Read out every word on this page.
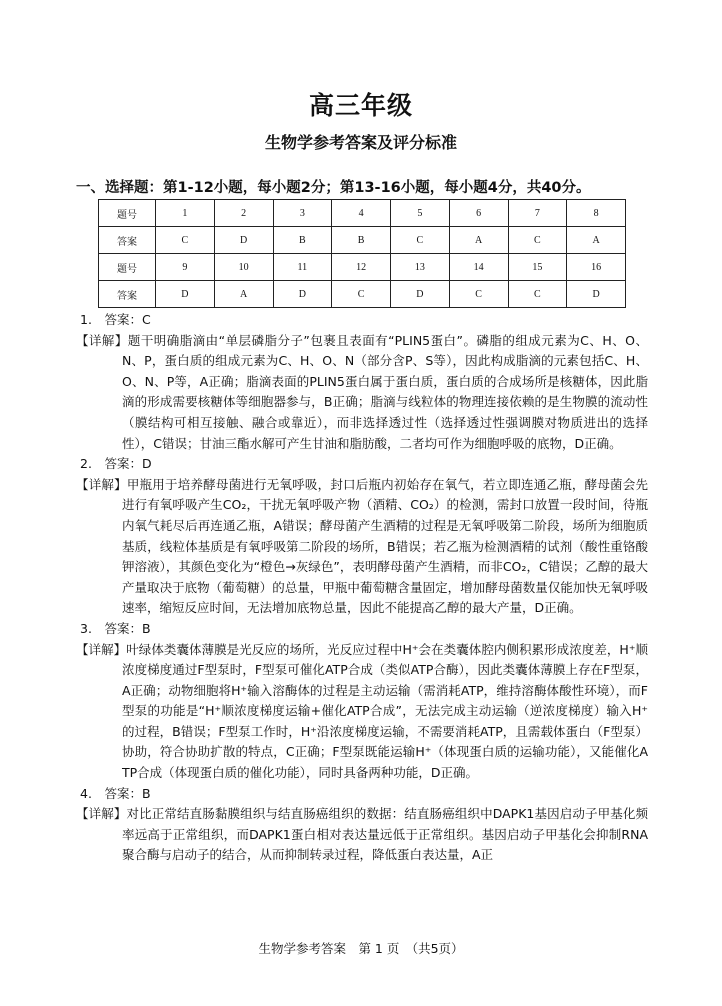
高三年级
生物学参考答案及评分标准
一、选择题：第1-12小题，每小题2分；第13-16小题，每小题4分，共40分。
题号	1	2	3	4	5	6	7	8
答案	C	D	B	B	C	A	C	A
题号	9	10	11	12	13	14	15	16
答案	D	A	D	C	D	C	C	D
1.  答案：C
【详解】题干明确脂滴由“单层磷脂分子”包裹且表面有“PLIN5蛋白”。磷脂的组成元素为C、H、O、N、P，蛋白质的组成元素为C、H、O、N（部分含P、S等），因此构成脂滴的元素包括C、H、O、N、P等，A正确；脂滴表面的PLIN5蛋白属于蛋白质，蛋白质的合成场所是核糖体，因此脂滴的形成需要核糖体等细胞器参与，B正确；脂滴与线粒体的物理连接依赖的是生物膜的流动性（膜结构可相互接触、融合或靠近），而非选择透过性（选择透过性强调膜对物质进出的选择性），C错误；甘油三酯水解可产生甘油和脂肪酸，二者均可作为细胞呼吸的底物，D正确。
2.  答案：D
【详解】甲瓶用于培养酵母菌进行无氧呼吸，封口后瓶内初始存在氧气，若立即连通乙瓶，酵母菌会先进行有氧呼吸产生CO₂，干扰无氧呼吸产物（酒精、CO₂）的检测，需封口放置一段时间，待瓶内氧气耗尽后再连通乙瓶，A错误；酵母菌产生酒精的过程是无氧呼吸第二阶段，场所为细胞质基质，线粒体基质是有氧呼吸第二阶段的场所，B错误；若乙瓶为检测酒精的试剂（酸性重铬酸钾溶液），其颜色变化为“橙色→灰绿色”，表明酵母菌产生酒精，而非CO₂，C错误；乙醇的最大产量取决于底物（葡萄糖）的总量，甲瓶中葡萄糖含量固定，增加酵母菌数量仅能加快无氧呼吸速率，缩短反应时间，无法增加底物总量，因此不能提高乙醇的最大产量，D正确。
3.  答案：B
【详解】叶绿体类囊体薄膜是光反应的场所，光反应过程中H⁺会在类囊体腔内侧积累形成浓度差，H⁺顺浓度梯度通过F型泵时，F型泵可催化ATP合成（类似ATP合酶），因此类囊体薄膜上存在F型泵，A正确；动物细胞将H⁺输入溶酶体的过程是主动运输（需消耗ATP，维持溶酶体酸性环境），而F型泵的功能是“H⁺顺浓度梯度运输+催化ATP合成”，无法完成主动运输（逆浓度梯度）输入H⁺的过程，B错误；F型泵工作时，H⁺沿浓度梯度运输，不需要消耗ATP，且需载体蛋白（F型泵）协助，符合协助扩散的特点，C正确；F型泵既能运输H⁺（体现蛋白质的运输功能），又能催化ATP合成（体现蛋白质的催化功能），同时具备两种功能，D正确。
4.  答案：B
【详解】对比正常结直肠黏膜组织与结直肠癌组织的数据：结直肠癌组织中DAPK1基因启动子甲基化频率远高于正常组织，而DAPK1蛋白相对表达量远低于正常组织。基因启动子甲基化会抑制RNA聚合酶与启动子的结合，从而抑制转录过程，降低蛋白表达量，A正
生物学参考答案　第 1 页　（共5页）
